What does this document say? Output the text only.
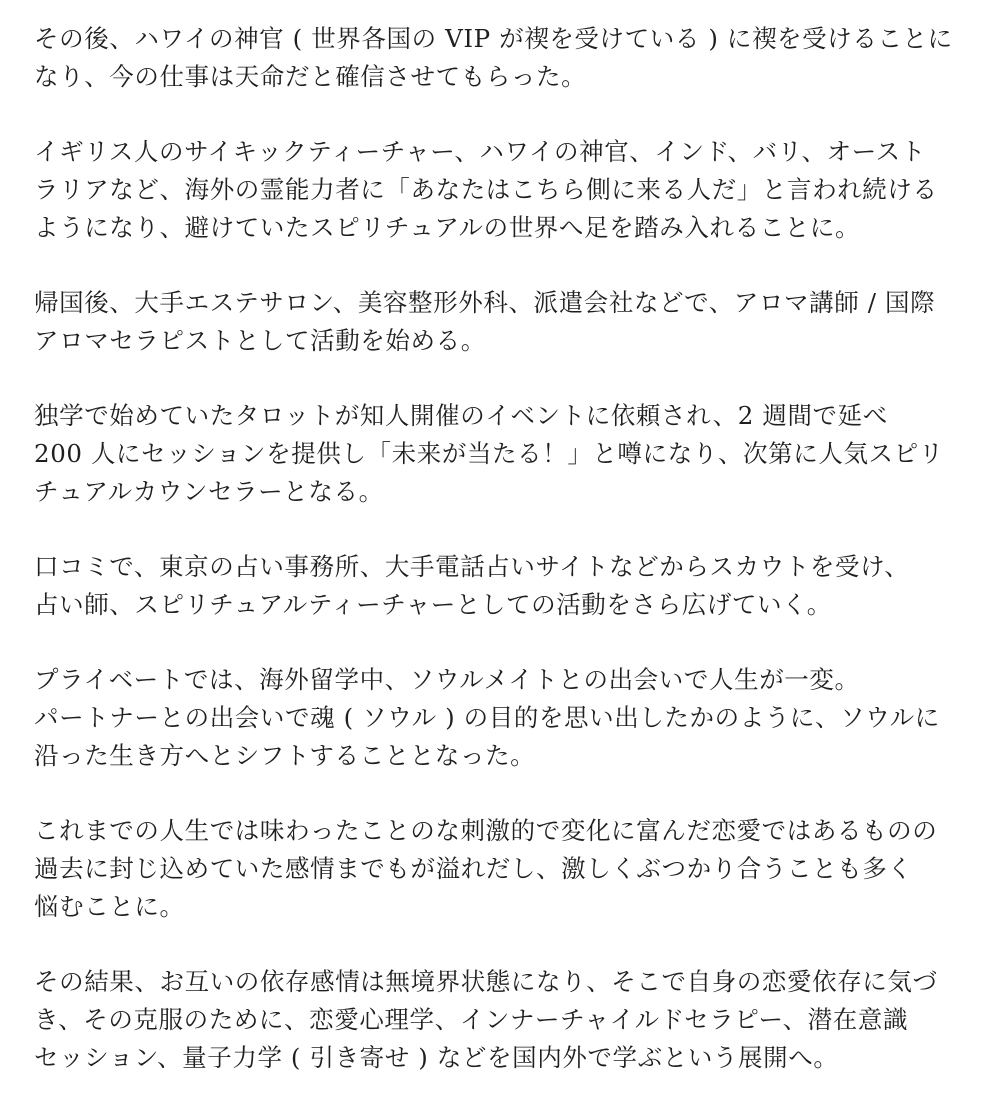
その後、ハワイの神官 ( 世界各国の VIP が禊を受けている ) に禊を受けることに
なり、今の仕事は天命だと確信させてもらった。

イギリス人のサイキックティーチャー、ハワイの神官、インド、バリ、オースト
ラリアなど、海外の霊能力者に「あなたはこちら側に来る人だ」と言われ続ける
ようになり、避けていたスピリチュアルの世界へ足を踏み入れることに。

帰国後、大手エステサロン、美容整形外科、派遣会社などで、アロマ講師 / 国際
アロマセラピストとして活動を始める。

独学で始めていたタロットが知人開催のイベントに依頼され、2 週間で延べ
200 人にセッションを提供し「未来が当たる！」と噂になり、次第に人気スピリ
チュアルカウンセラーとなる。

口コミで、東京の占い事務所、大手電話占いサイトなどからスカウトを受け、
占い師、スピリチュアルティーチャーとしての活動をさら広げていく。

プライベートでは、海外留学中、ソウルメイトとの出会いで人生が一変。
パートナーとの出会いで魂 ( ソウル ) の目的を思い出したかのように、ソウルに
沿った生き方へとシフトすることとなった。

これまでの人生では味わったことのな刺激的で変化に富んだ恋愛ではあるものの
過去に封じ込めていた感情までもが溢れだし、激しくぶつかり合うことも多く
悩むことに。

その結果、お互いの依存感情は無境界状態になり、そこで自身の恋愛依存に気づ
き、その克服のために、恋愛心理学、インナーチャイルドセラピー、潜在意識
セッション、量子力学 ( 引き寄せ ) などを国内外で学ぶという展開へ。
